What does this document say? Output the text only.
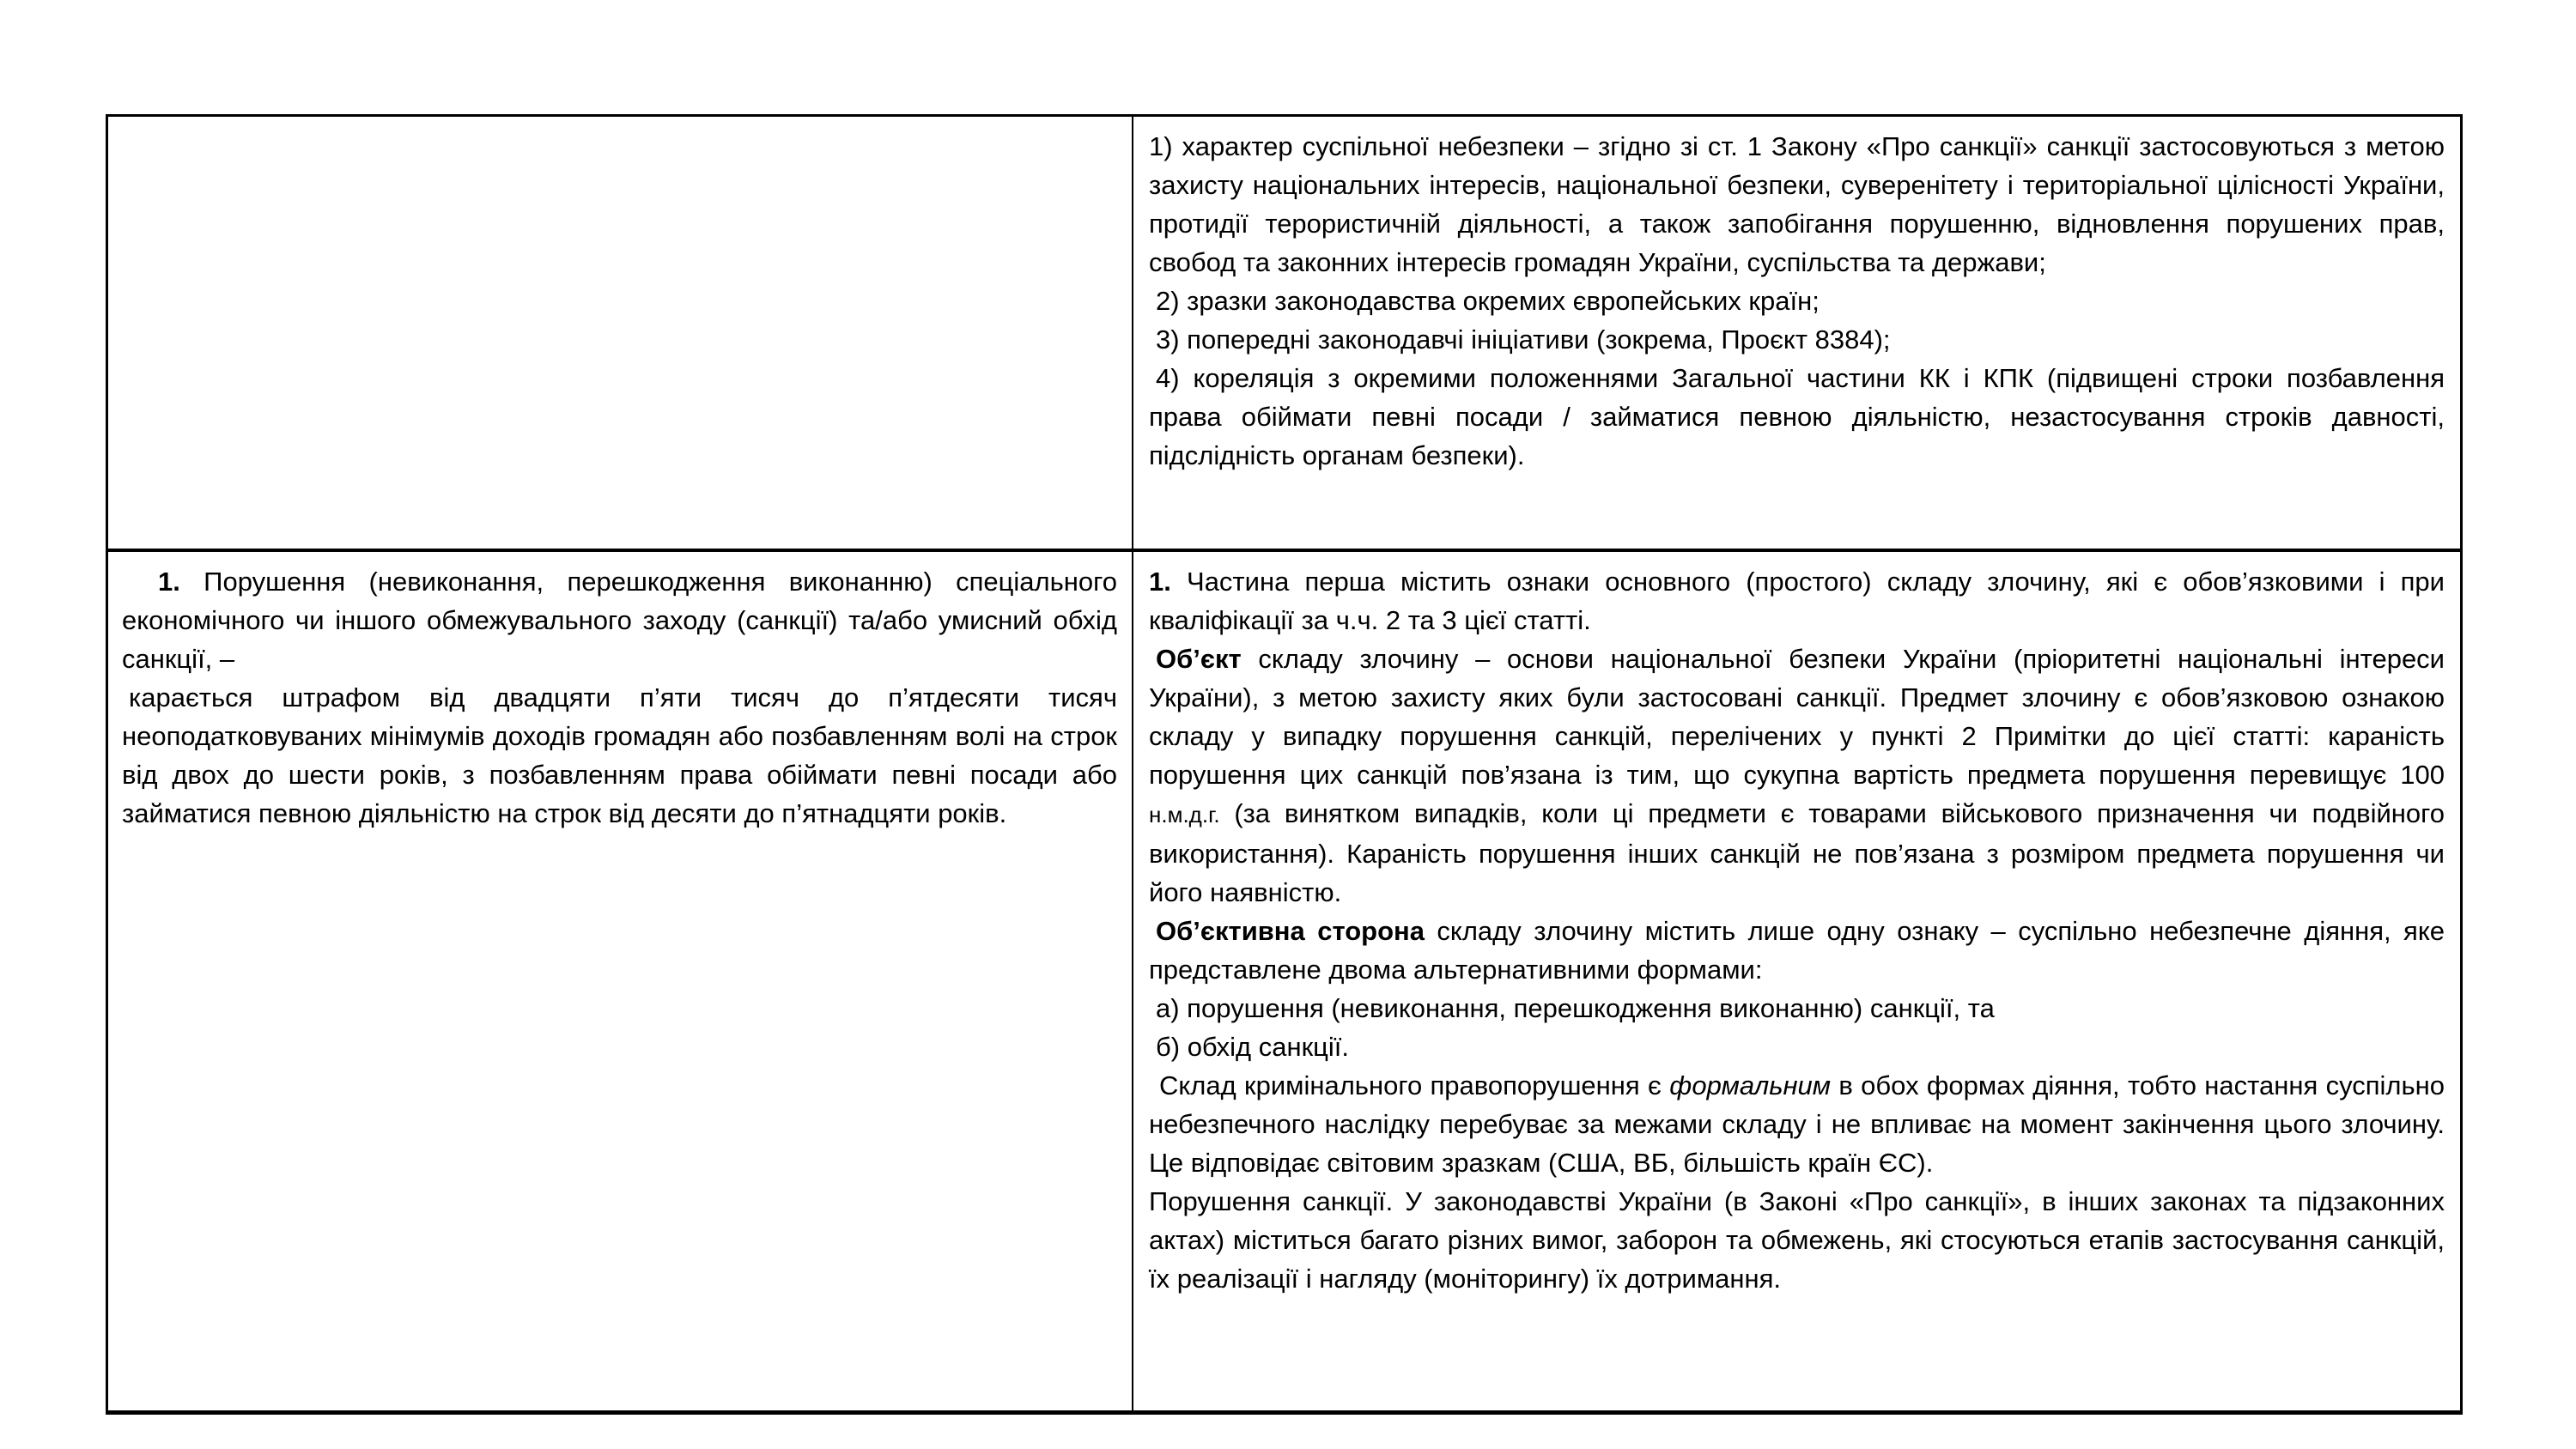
1) характер суспільної небезпеки – згідно зі ст. 1 Закону «Про санкції» санкції застосовуються з метою захисту національних інтересів, національної безпеки, суверенітету і територіальної цілісності України, протидії терористичній діяльності, а також запобігання порушенню, відновлення порушених прав, свобод та законних інтересів громадян України, суспільства та держави;

2) зразки законодавства окремих європейських країн;

3) попередні законодавчі ініціативи (зокрема, Проєкт 8384);

4) кореляція з окремими положеннями Загальної частини КК і КПК (підвищені строки позбавлення права обіймати певні посади / займатися певною діяльністю, незастосування строків давності, підслідність органам безпеки).

1. Порушення (невиконання, перешкодження виконанню) спеціального економічного чи іншого обмежувального заходу (санкції) та/або умисний обхід санкції, –

карається штрафом від двадцяти п’яти тисяч до п’ятдесяти тисяч неоподатковуваних мінімумів доходів громадян або позбавленням волі на строк від двох до шести років, з позбавленням права обіймати певні посади або займатися певною діяльністю на строк від десяти до п’ятнадцяти років.

1. Частина перша містить ознаки основного (простого) складу злочину, які є обов’язковими і при кваліфікації за ч.ч. 2 та 3 цієї статті.

Об’єкт складу злочину – основи національної безпеки України (пріоритетні національні інтереси України), з метою захисту яких були застосовані санкції. Предмет злочину є обов’язковою ознакою складу у випадку порушення санкцій, перелічених у пункті 2 Примітки до цієї статті: караність порушення цих санкцій пов’язана із тим, що сукупна вартість предмета порушення перевищує 100 н.м.д.г. (за винятком випадків, коли ці предмети є товарами військового призначення чи подвійного використання). Караність порушення інших санкцій не пов’язана з розміром предмета порушення чи його наявністю.

Об’єктивна сторона складу злочину містить лише одну ознаку – суспільно небезпечне діяння, яке представлене двома альтернативними формами:

а) порушення (невиконання, перешкодження виконанню) санкції, та

б) обхід санкції.

Склад кримінального правопорушення є формальним в обох формах діяння, тобто настання суспільно небезпечного наслідку перебуває за межами складу і не впливає на момент закінчення цього злочину. Це відповідає світовим зразкам (США, ВБ, більшість країн ЄС).

Порушення санкції. У законодавстві України (в Законі «Про санкції», в інших законах та підзаконних актах) міститься багато різних вимог, заборон та обмежень, які стосуються етапів застосування санкцій, їх реалізації і нагляду (моніторингу) їх дотримання.
